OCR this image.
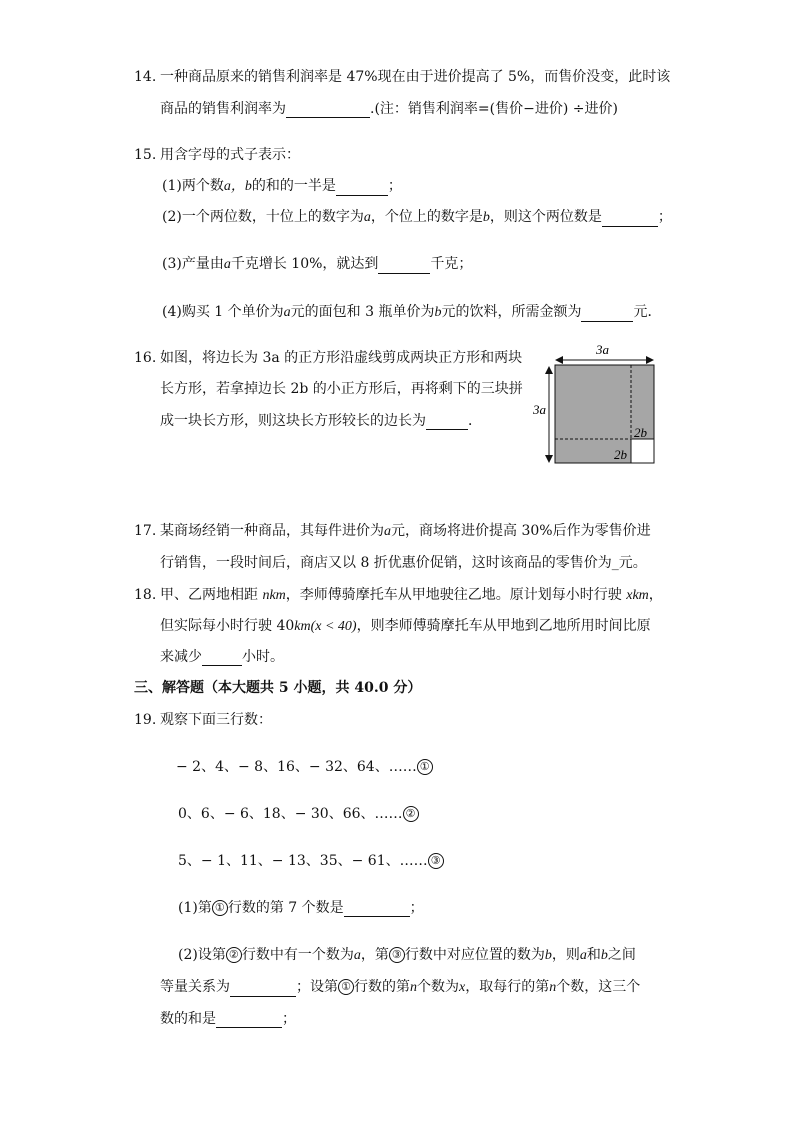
14. 一种商品原来的销售利润率是 47%现在由于进价提高了 5%，而售价没变，此时该
商品的销售利润率为	.(注：销售利润率=(售价−进价) ÷进价)
15. 用含字母的式子表示：
(1)两个数a，b的和的一半是	；
(2)一个两位数，十位上的数字为a，个位上的数字是b，则这个两位数是	；
(3)产量由a千克增长 10%，就达到	千克；
(4)购买 1 个单价为a元的面包和 3 瓶单价为b元的饮料，所需金额为	元．
16. 如图，将边长为 3a 的正方形沿虚线剪成两块正方形和两块
长方形，若拿掉边长 2b 的小正方形后，再将剩下的三块拼
成一块长方形，则这块长方形较长的边长为	．
3a
3a
2b
2b
17. 某商场经销一种商品，其每件进价为a元，商场将进价提高 30%后作为零售价进
行销售，一段时间后，商店又以 8 折优惠价促销，这时该商品的零售价为_元。
18. 甲、乙两地相距 nkm，李师傅骑摩托车从甲地驶往乙地。原计划每小时行驶 xkm，
但实际每小时行驶 40km(x < 40)，则李师傅骑摩托车从甲地到乙地所用时间比原
来减少	小时。
三、解答题（本大题共 5 小题，共 40.0 分）
19. 观察下面三行数：
− 2、4、− 8、16、− 32、64、…… ①
0、6、− 6、18、− 30、66、…… ②
5、− 1、11、− 13、35、− 61、…… ③
(1)第 ① 行数的第 7 个数是	；
(2)设第 ② 行数中有一个数为a，第 ③ 行数中对应位置的数为b，则a和b之间
等量关系为	；设第 ① 行数的第n个数为x，取每行的第n个数，这三个
数的和是	；
